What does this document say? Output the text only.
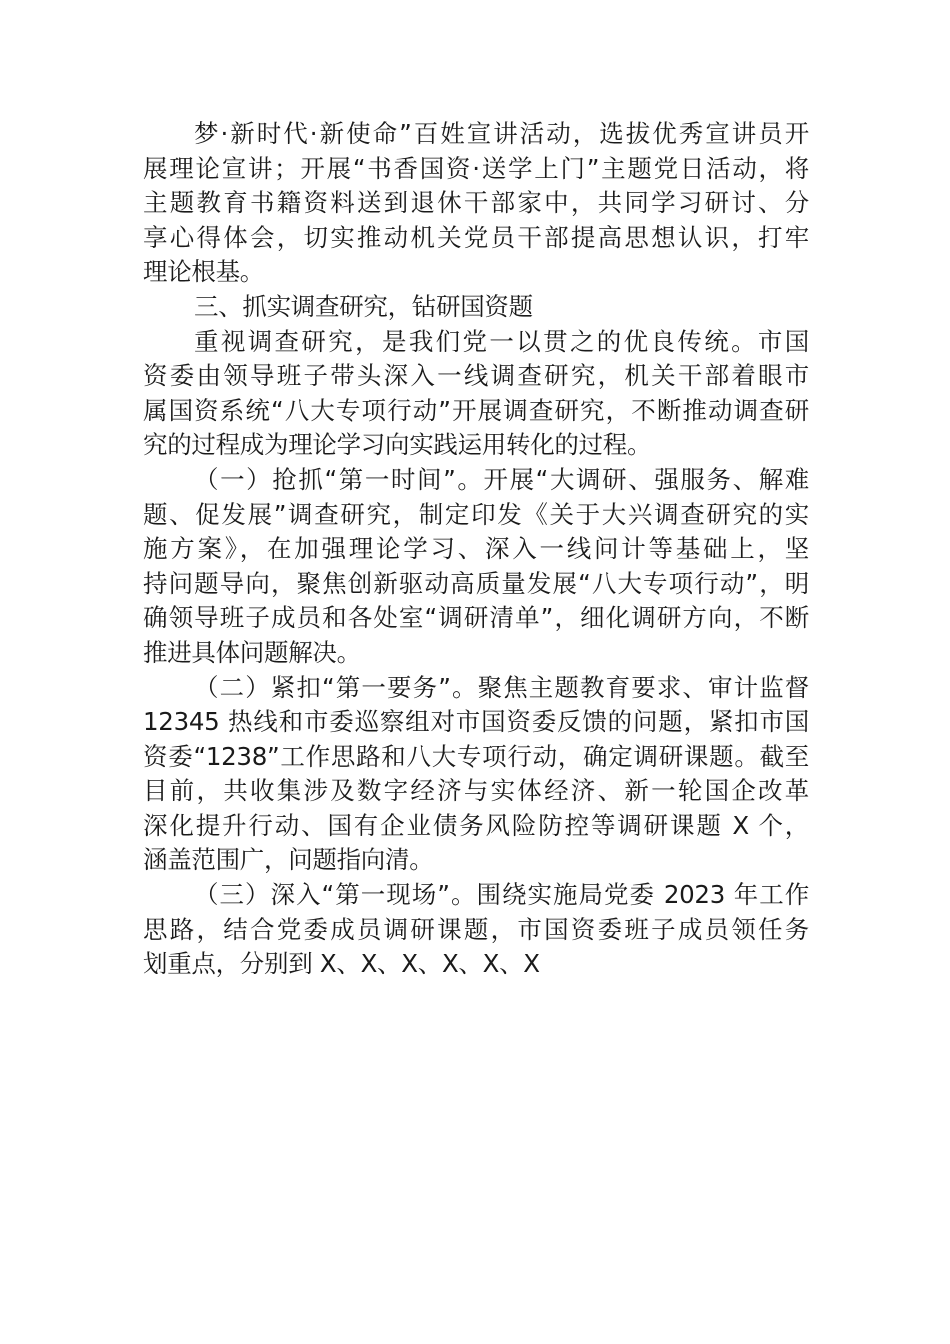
梦·新时代·新使命”百姓宣讲活动，选拔优秀宣讲员开
展理论宣讲；开展“书香国资·送学上门”主题党日活动，将
主题教育书籍资料送到退休干部家中，共同学习研讨、分
享心得体会，切实推动机关党员干部提高思想认识，打牢
理论根基。
三、抓实调查研究，钻研国资题
重视调查研究，是我们党一以贯之的优良传统。市国
资委由领导班子带头深入一线调查研究，机关干部着眼市
属国资系统“八大专项行动”开展调查研究，不断推动调查研
究的过程成为理论学习向实践运用转化的过程。
（一）抢抓“第一时间”。开展“大调研、强服务、解难
题、促发展”调查研究，制定印发《关于大兴调查研究的实
施方案》，在加强理论学习、深入一线问计等基础上，坚
持问题导向，聚焦创新驱动高质量发展“八大专项行动”，明
确领导班子成员和各处室“调研清单”，细化调研方向，不断
推进具体问题解决。
（二）紧扣“第一要务”。聚焦主题教育要求、审计监督
12345 热线和市委巡察组对市国资委反馈的问题，紧扣市国
资委“1238”工作思路和八大专项行动，确定调研课题。截至
目前，共收集涉及数字经济与实体经济、新一轮国企改革
深化提升行动、国有企业债务风险防控等调研课题 X 个，
涵盖范围广，问题指向清。
（三）深入“第一现场”。围绕实施局党委 2023 年工作
思路，结合党委成员调研课题，市国资委班子成员领任务
划重点，分别到 X、X、X、X、X、X
